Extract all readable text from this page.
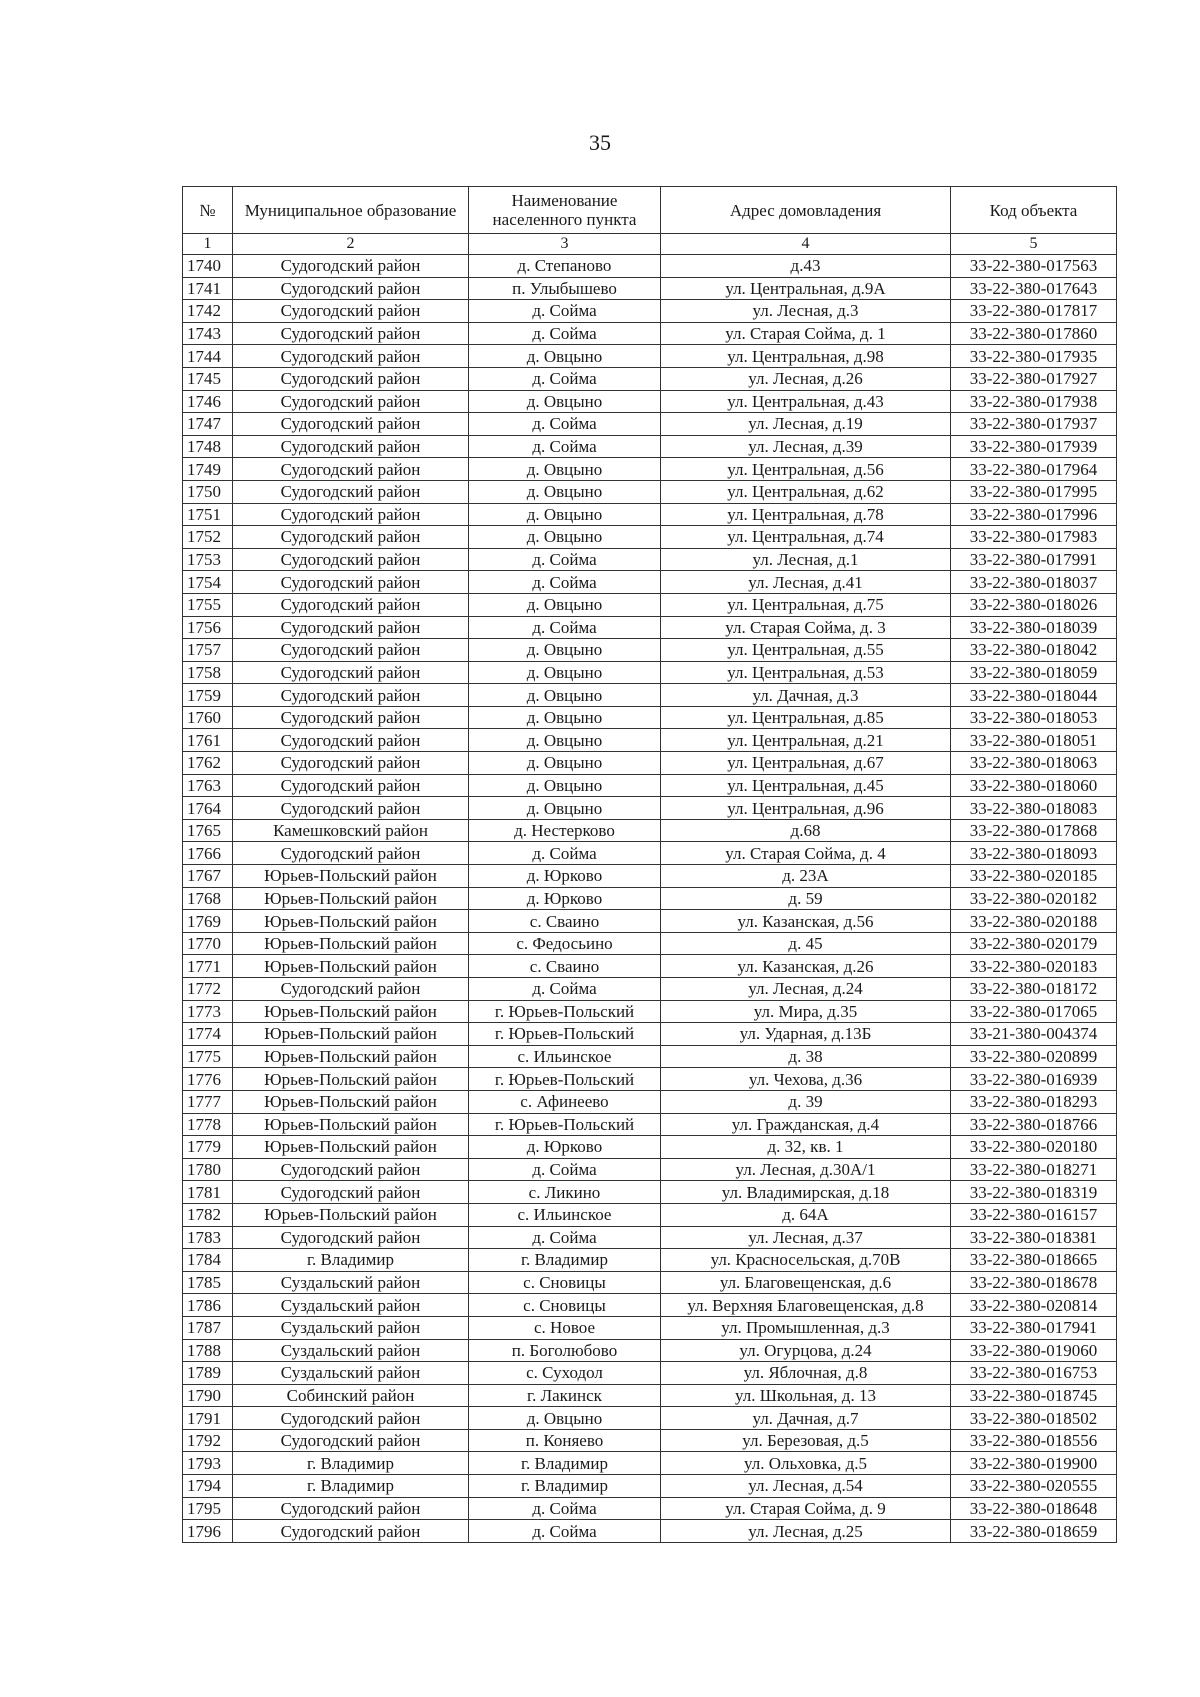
35
№	Муниципальное образование	Наименование населенного пункта	Адрес домовладения	Код объекта
1	2	3	4	5
1740	Судогодский район	д. Степаново	д.43	33-22-380-017563
1741	Судогодский район	п. Улыбышево	ул. Центральная, д.9А	33-22-380-017643
1742	Судогодский район	д. Сойма	ул. Лесная, д.3	33-22-380-017817
1743	Судогодский район	д. Сойма	ул. Старая Сойма, д. 1	33-22-380-017860
1744	Судогодский район	д. Овцыно	ул. Центральная, д.98	33-22-380-017935
1745	Судогодский район	д. Сойма	ул. Лесная, д.26	33-22-380-017927
1746	Судогодский район	д. Овцыно	ул. Центральная, д.43	33-22-380-017938
1747	Судогодский район	д. Сойма	ул. Лесная, д.19	33-22-380-017937
1748	Судогодский район	д. Сойма	ул. Лесная, д.39	33-22-380-017939
1749	Судогодский район	д. Овцыно	ул. Центральная, д.56	33-22-380-017964
1750	Судогодский район	д. Овцыно	ул. Центральная, д.62	33-22-380-017995
1751	Судогодский район	д. Овцыно	ул. Центральная, д.78	33-22-380-017996
1752	Судогодский район	д. Овцыно	ул. Центральная, д.74	33-22-380-017983
1753	Судогодский район	д. Сойма	ул. Лесная, д.1	33-22-380-017991
1754	Судогодский район	д. Сойма	ул. Лесная, д.41	33-22-380-018037
1755	Судогодский район	д. Овцыно	ул. Центральная, д.75	33-22-380-018026
1756	Судогодский район	д. Сойма	ул. Старая Сойма, д. 3	33-22-380-018039
1757	Судогодский район	д. Овцыно	ул. Центральная, д.55	33-22-380-018042
1758	Судогодский район	д. Овцыно	ул. Центральная, д.53	33-22-380-018059
1759	Судогодский район	д. Овцыно	ул. Дачная, д.3	33-22-380-018044
1760	Судогодский район	д. Овцыно	ул. Центральная, д.85	33-22-380-018053
1761	Судогодский район	д. Овцыно	ул. Центральная, д.21	33-22-380-018051
1762	Судогодский район	д. Овцыно	ул. Центральная, д.67	33-22-380-018063
1763	Судогодский район	д. Овцыно	ул. Центральная, д.45	33-22-380-018060
1764	Судогодский район	д. Овцыно	ул. Центральная, д.96	33-22-380-018083
1765	Камешковский район	д. Нестерково	д.68	33-22-380-017868
1766	Судогодский район	д. Сойма	ул. Старая Сойма, д. 4	33-22-380-018093
1767	Юрьев-Польский район	д. Юрково	д. 23А	33-22-380-020185
1768	Юрьев-Польский район	д. Юрково	д. 59	33-22-380-020182
1769	Юрьев-Польский район	с. Сваино	ул. Казанская, д.56	33-22-380-020188
1770	Юрьев-Польский район	с. Федосьино	д. 45	33-22-380-020179
1771	Юрьев-Польский район	с. Сваино	ул. Казанская, д.26	33-22-380-020183
1772	Судогодский район	д. Сойма	ул. Лесная, д.24	33-22-380-018172
1773	Юрьев-Польский район	г. Юрьев-Польский	ул. Мира, д.35	33-22-380-017065
1774	Юрьев-Польский район	г. Юрьев-Польский	ул. Ударная, д.13Б	33-21-380-004374
1775	Юрьев-Польский район	с. Ильинское	д. 38	33-22-380-020899
1776	Юрьев-Польский район	г. Юрьев-Польский	ул. Чехова, д.36	33-22-380-016939
1777	Юрьев-Польский район	с. Афинеево	д. 39	33-22-380-018293
1778	Юрьев-Польский район	г. Юрьев-Польский	ул. Гражданская, д.4	33-22-380-018766
1779	Юрьев-Польский район	д. Юрково	д. 32, кв. 1	33-22-380-020180
1780	Судогодский район	д. Сойма	ул. Лесная, д.30А/1	33-22-380-018271
1781	Судогодский район	с. Ликино	ул. Владимирская, д.18	33-22-380-018319
1782	Юрьев-Польский район	с. Ильинское	д. 64А	33-22-380-016157
1783	Судогодский район	д. Сойма	ул. Лесная, д.37	33-22-380-018381
1784	г. Владимир	г. Владимир	ул. Красносельская, д.70В	33-22-380-018665
1785	Суздальский район	с. Сновицы	ул. Благовещенская, д.6	33-22-380-018678
1786	Суздальский район	с. Сновицы	ул. Верхняя Благовещенская, д.8	33-22-380-020814
1787	Суздальский район	с. Новое	ул. Промышленная, д.3	33-22-380-017941
1788	Суздальский район	п. Боголюбово	ул. Огурцова, д.24	33-22-380-019060
1789	Суздальский район	с. Суходол	ул. Яблочная, д.8	33-22-380-016753
1790	Собинский район	г. Лакинск	ул. Школьная, д. 13	33-22-380-018745
1791	Судогодский район	д. Овцыно	ул. Дачная, д.7	33-22-380-018502
1792	Судогодский район	п. Коняево	ул. Березовая, д.5	33-22-380-018556
1793	г. Владимир	г. Владимир	ул. Ольховка, д.5	33-22-380-019900
1794	г. Владимир	г. Владимир	ул. Лесная, д.54	33-22-380-020555
1795	Судогодский район	д. Сойма	ул. Старая Сойма, д. 9	33-22-380-018648
1796	Судогодский район	д. Сойма	ул. Лесная, д.25	33-22-380-018659
